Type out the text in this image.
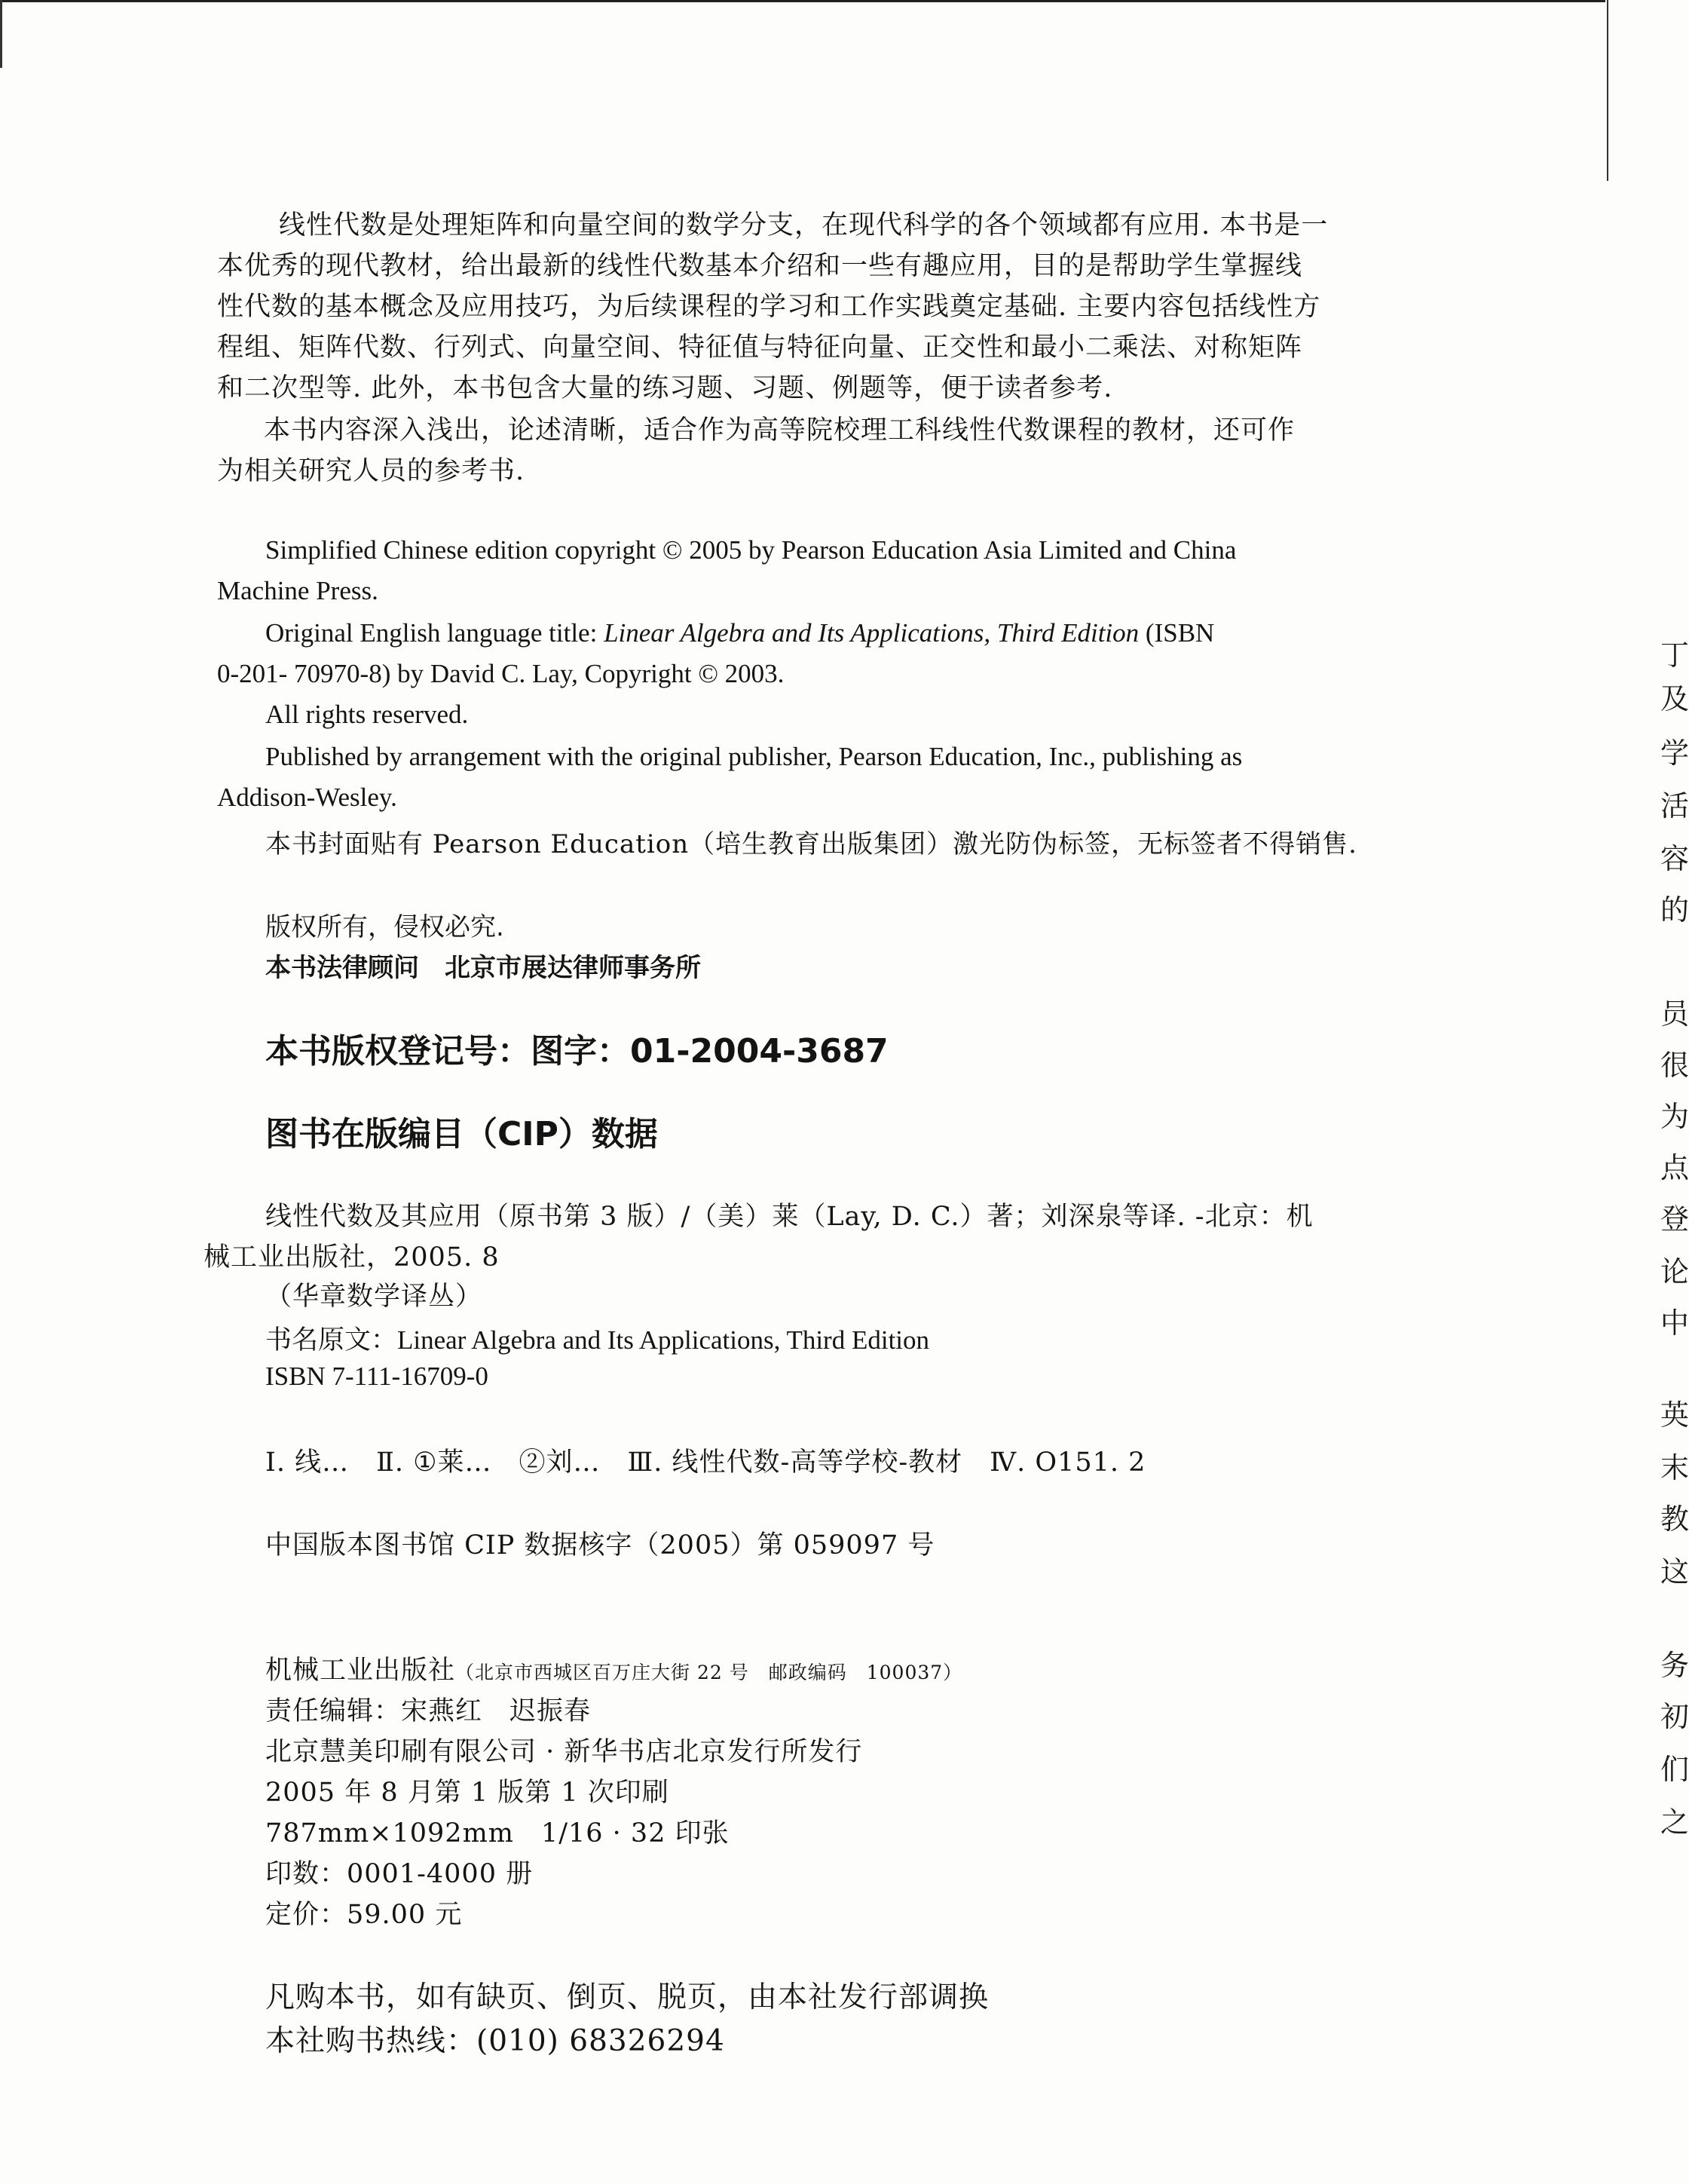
线性代数是处理矩阵和向量空间的数学分支，在现代科学的各个领域都有应用. 本书是一

本优秀的现代教材，给出最新的线性代数基本介绍和一些有趣应用，目的是帮助学生掌握线

性代数的基本概念及应用技巧，为后续课程的学习和工作实践奠定基础. 主要内容包括线性方

程组、矩阵代数、行列式、向量空间、特征值与特征向量、正交性和最小二乘法、对称矩阵

和二次型等. 此外，本书包含大量的练习题、习题、例题等，便于读者参考.

本书内容深入浅出，论述清晰，适合作为高等院校理工科线性代数课程的教材，还可作

为相关研究人员的参考书.

Simplified Chinese edition copyright © 2005 by Pearson Education Asia Limited and China

Machine Press.

Original English language title: Linear Algebra and Its Applications, Third Edition (ISBN

0-201- 70970-8) by David C. Lay, Copyright © 2003.

All rights reserved.

Published by arrangement with the original publisher, Pearson Education, Inc., publishing as

Addison-Wesley.

本书封面贴有 Pearson Education（培生教育出版集团）激光防伪标签，无标签者不得销售.

版权所有，侵权必究.

本书法律顾问　北京市展达律师事务所

本书版权登记号：图字：01-2004-3687

图书在版编目（CIP）数据

线性代数及其应用（原书第 3 版）/（美）莱（Lay, D. C.）著；刘深泉等译. -北京：机

械工业出版社，2005. 8

（华章数学译丛）

书名原文：Linear Algebra and Its Applications, Third Edition

ISBN 7-111-16709-0

Ⅰ. 线…　Ⅱ. ①莱…　②刘…　Ⅲ. 线性代数-高等学校-教材　Ⅳ. O151. 2

中国版本图书馆 CIP 数据核字（2005）第 059097 号

机械工业出版社（北京市西城区百万庄大街 22 号　邮政编码　100037）

责任编辑：宋燕红　迟振春

北京慧美印刷有限公司 · 新华书店北京发行所发行

2005 年 8 月第 1 版第 1 次印刷

787mm×1092mm　1/16 · 32 印张

印数：0001-4000 册

定价：59.00 元

凡购本书，如有缺页、倒页、脱页，由本社发行部调换

本社购书热线：(010) 68326294

丁
及
学
活
容
的
员
很
为
点
登
论
中
英
末
教
这
务
初
们
之
